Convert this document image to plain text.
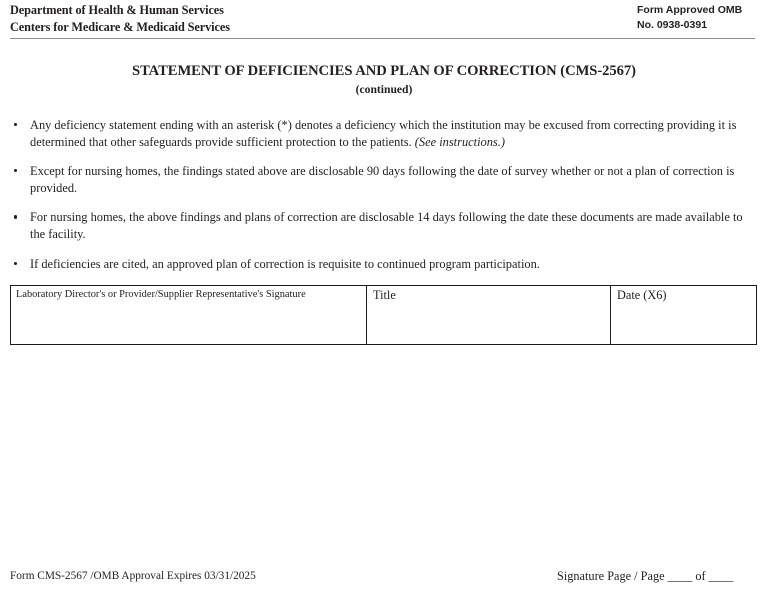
Department of Health & Human Services
Centers for Medicare & Medicaid Services
Form Approved OMB
No. 0938-0391
STATEMENT OF DEFICIENCIES AND PLAN OF CORRECTION (CMS-2567)
(continued)
Any deficiency statement ending with an asterisk (*) denotes a deficiency which the institution may be excused from correcting providing it is determined that other safeguards provide sufficient protection to the patients. (See instructions.)
Except for nursing homes, the findings stated above are disclosable 90 days following the date of survey whether or not a plan of correction is provided.
For nursing homes, the above findings and plans of correction are disclosable 14 days following the date these documents are made available to the facility.
If deficiencies are cited, an approved plan of correction is requisite to continued program participation.
Laboratory Director's or Provider/Supplier Representative's Signature	Title	Date (X6)
Form CMS-2567 /OMB Approval Expires 03/31/2025	Signature Page / Page ____ of ____
